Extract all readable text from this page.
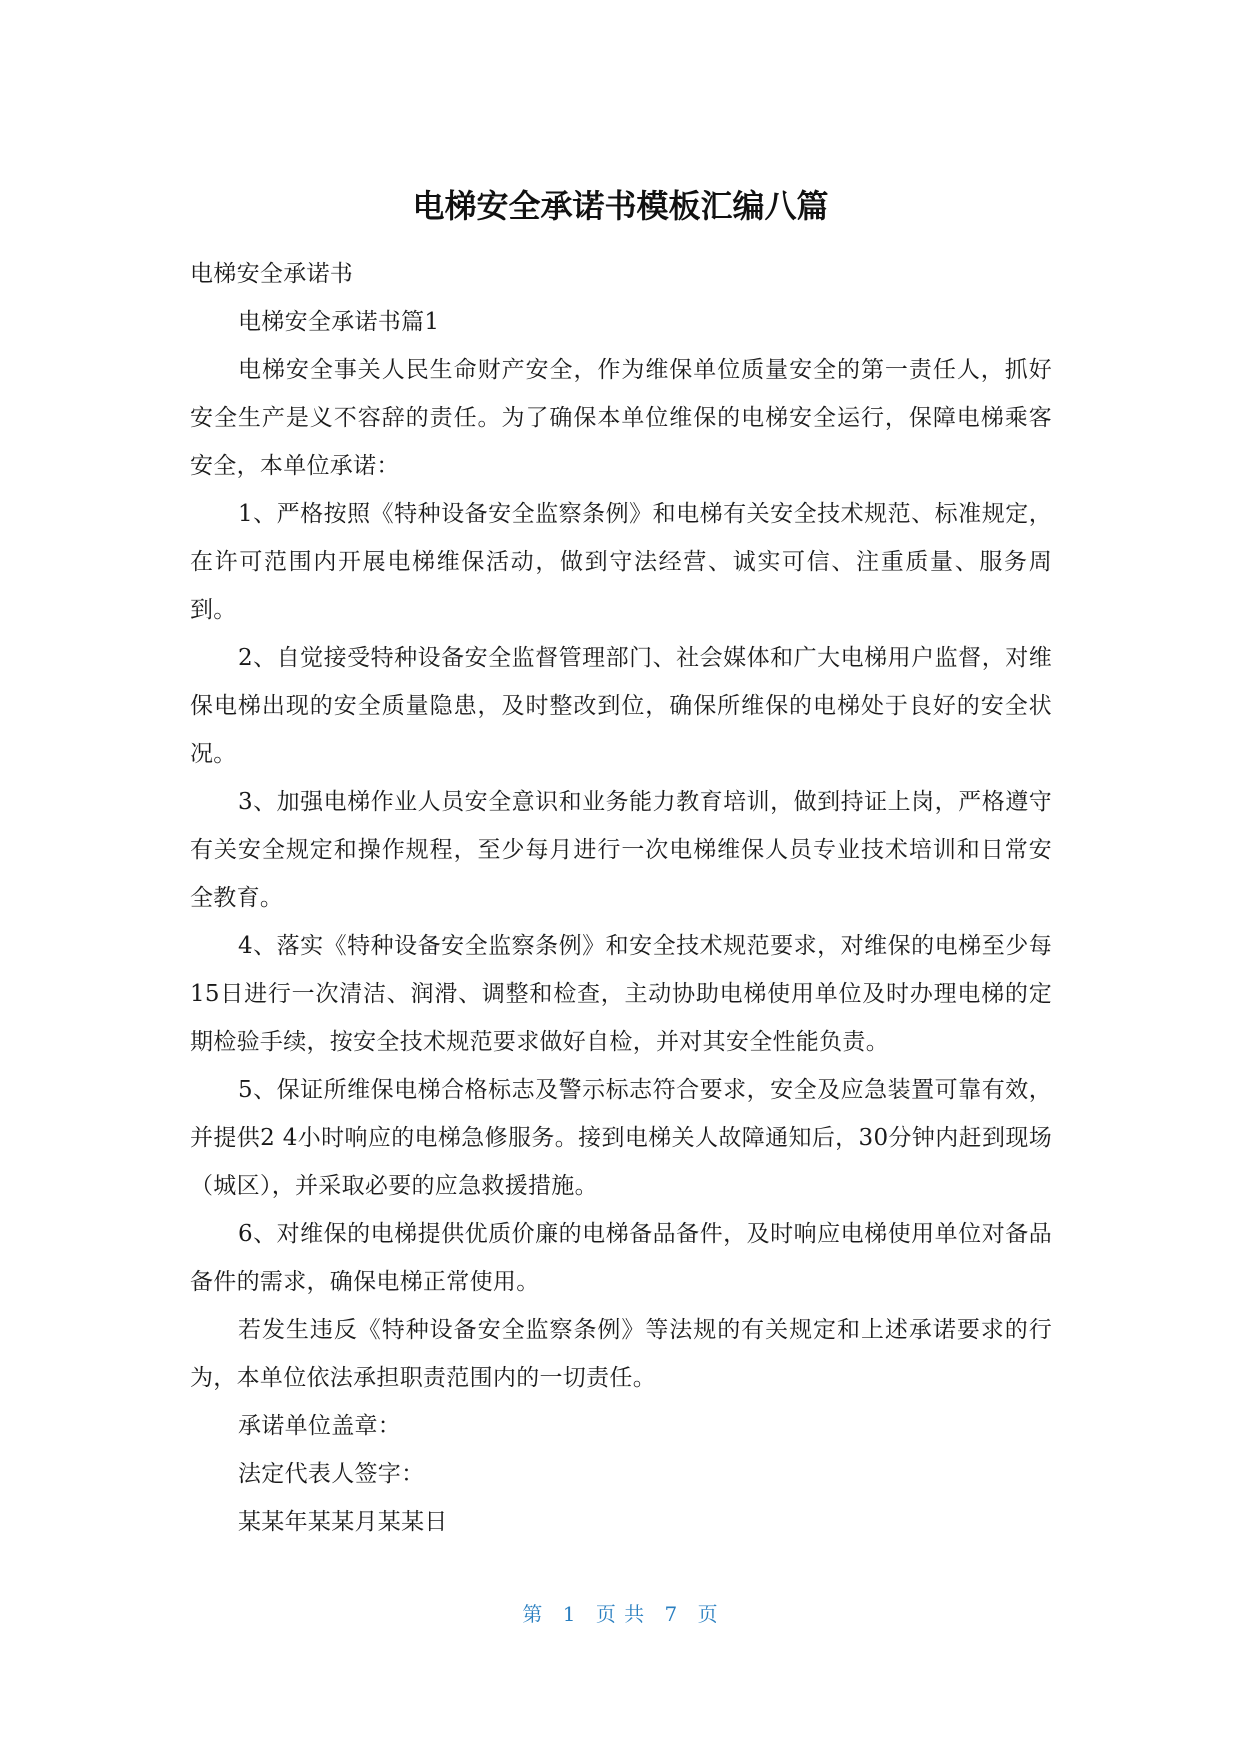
电梯安全承诺书模板汇编八篇

电梯安全承诺书

电梯安全承诺书篇1

电梯安全事关人民生命财产安全，作为维保单位质量安全的第一责任人，抓好安全生产是义不容辞的责任。为了确保本单位维保的电梯安全运行，保障电梯乘客安全，本单位承诺：

1、严格按照《特种设备安全监察条例》和电梯有关安全技术规范、标准规定，在许可范围内开展电梯维保活动，做到守法经营、诚实可信、注重质量、服务周到。

2、自觉接受特种设备安全监督管理部门、社会媒体和广大电梯用户监督，对维保电梯出现的安全质量隐患，及时整改到位，确保所维保的电梯处于良好的安全状况。

3、加强电梯作业人员安全意识和业务能力教育培训，做到持证上岗，严格遵守有关安全规定和操作规程，至少每月进行一次电梯维保人员专业技术培训和日常安全教育。

4、落实《特种设备安全监察条例》和安全技术规范要求，对维保的电梯至少每15日进行一次清洁、润滑、调整和检查，主动协助电梯使用单位及时办理电梯的定期检验手续，按安全技术规范要求做好自检，并对其安全性能负责。

5、保证所维保电梯合格标志及警示标志符合要求，安全及应急装置可靠有效，并提供2 4小时响应的电梯急修服务。接到电梯关人故障通知后，30分钟内赶到现场（城区），并采取必要的应急救援措施。

6、对维保的电梯提供优质价廉的电梯备品备件，及时响应电梯使用单位对备品备件的需求，确保电梯正常使用。

若发生违反《特种设备安全监察条例》等法规的有关规定和上述承诺要求的行为，本单位依法承担职责范围内的一切责任。

承诺单位盖章：

法定代表人签字：

某某年某某月某某日

第 1 页 共 7 页
